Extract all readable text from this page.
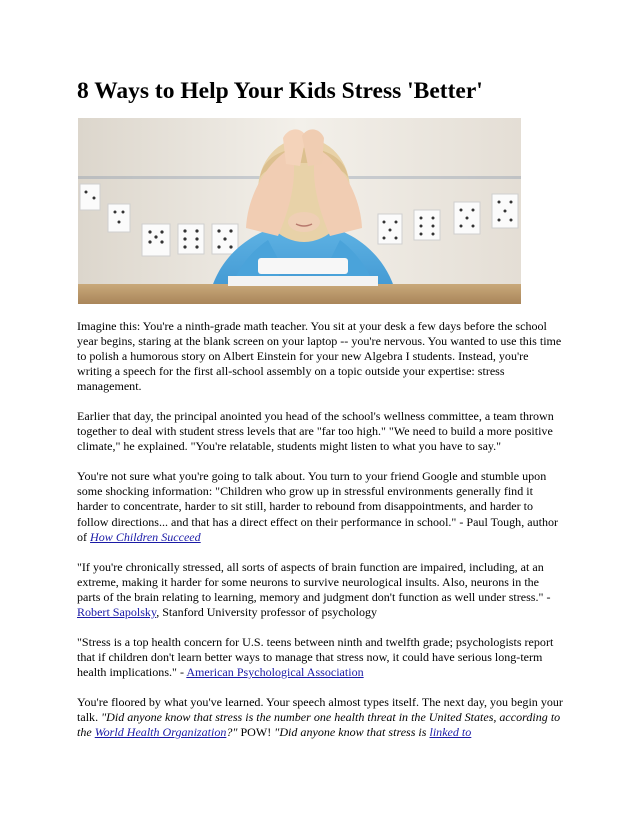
8 Ways to Help Your Kids Stress 'Better'

Imagine this: You're a ninth-grade math teacher. You sit at your desk a few days before the school year begins, staring at the blank screen on your laptop -- you're nervous. You wanted to use this time to polish a humorous story on Albert Einstein for your new Algebra I students. Instead, you're writing a speech for the first all-school assembly on a topic outside your expertise: stress management.

Earlier that day, the principal anointed you head of the school's wellness committee, a team thrown together to deal with student stress levels that are "far too high." "We need to build a more positive climate," he explained. "You're relatable, students might listen to what you have to say."

You're not sure what you're going to talk about. You turn to your friend Google and stumble upon some shocking information: "Children who grow up in stressful environments generally find it harder to concentrate, harder to sit still, harder to rebound from disappointments, and harder to follow directions... and that has a direct effect on their performance in school." - Paul Tough, author of How Children Succeed

"If you're chronically stressed, all sorts of aspects of brain function are impaired, including, at an extreme, making it harder for some neurons to survive neurological insults. Also, neurons in the parts of the brain relating to learning, memory and judgment don't function as well under stress." - Robert Sapolsky, Stanford University professor of psychology

"Stress is a top health concern for U.S. teens between ninth and twelfth grade; psychologists report that if children don't learn better ways to manage that stress now, it could have serious long-term health implications." - American Psychological Association

You're floored by what you've learned. Your speech almost types itself. The next day, you begin your talk. "Did anyone know that stress is the number one health threat in the United States, according to the World Health Organization?" POW! "Did anyone know that stress is linked to
